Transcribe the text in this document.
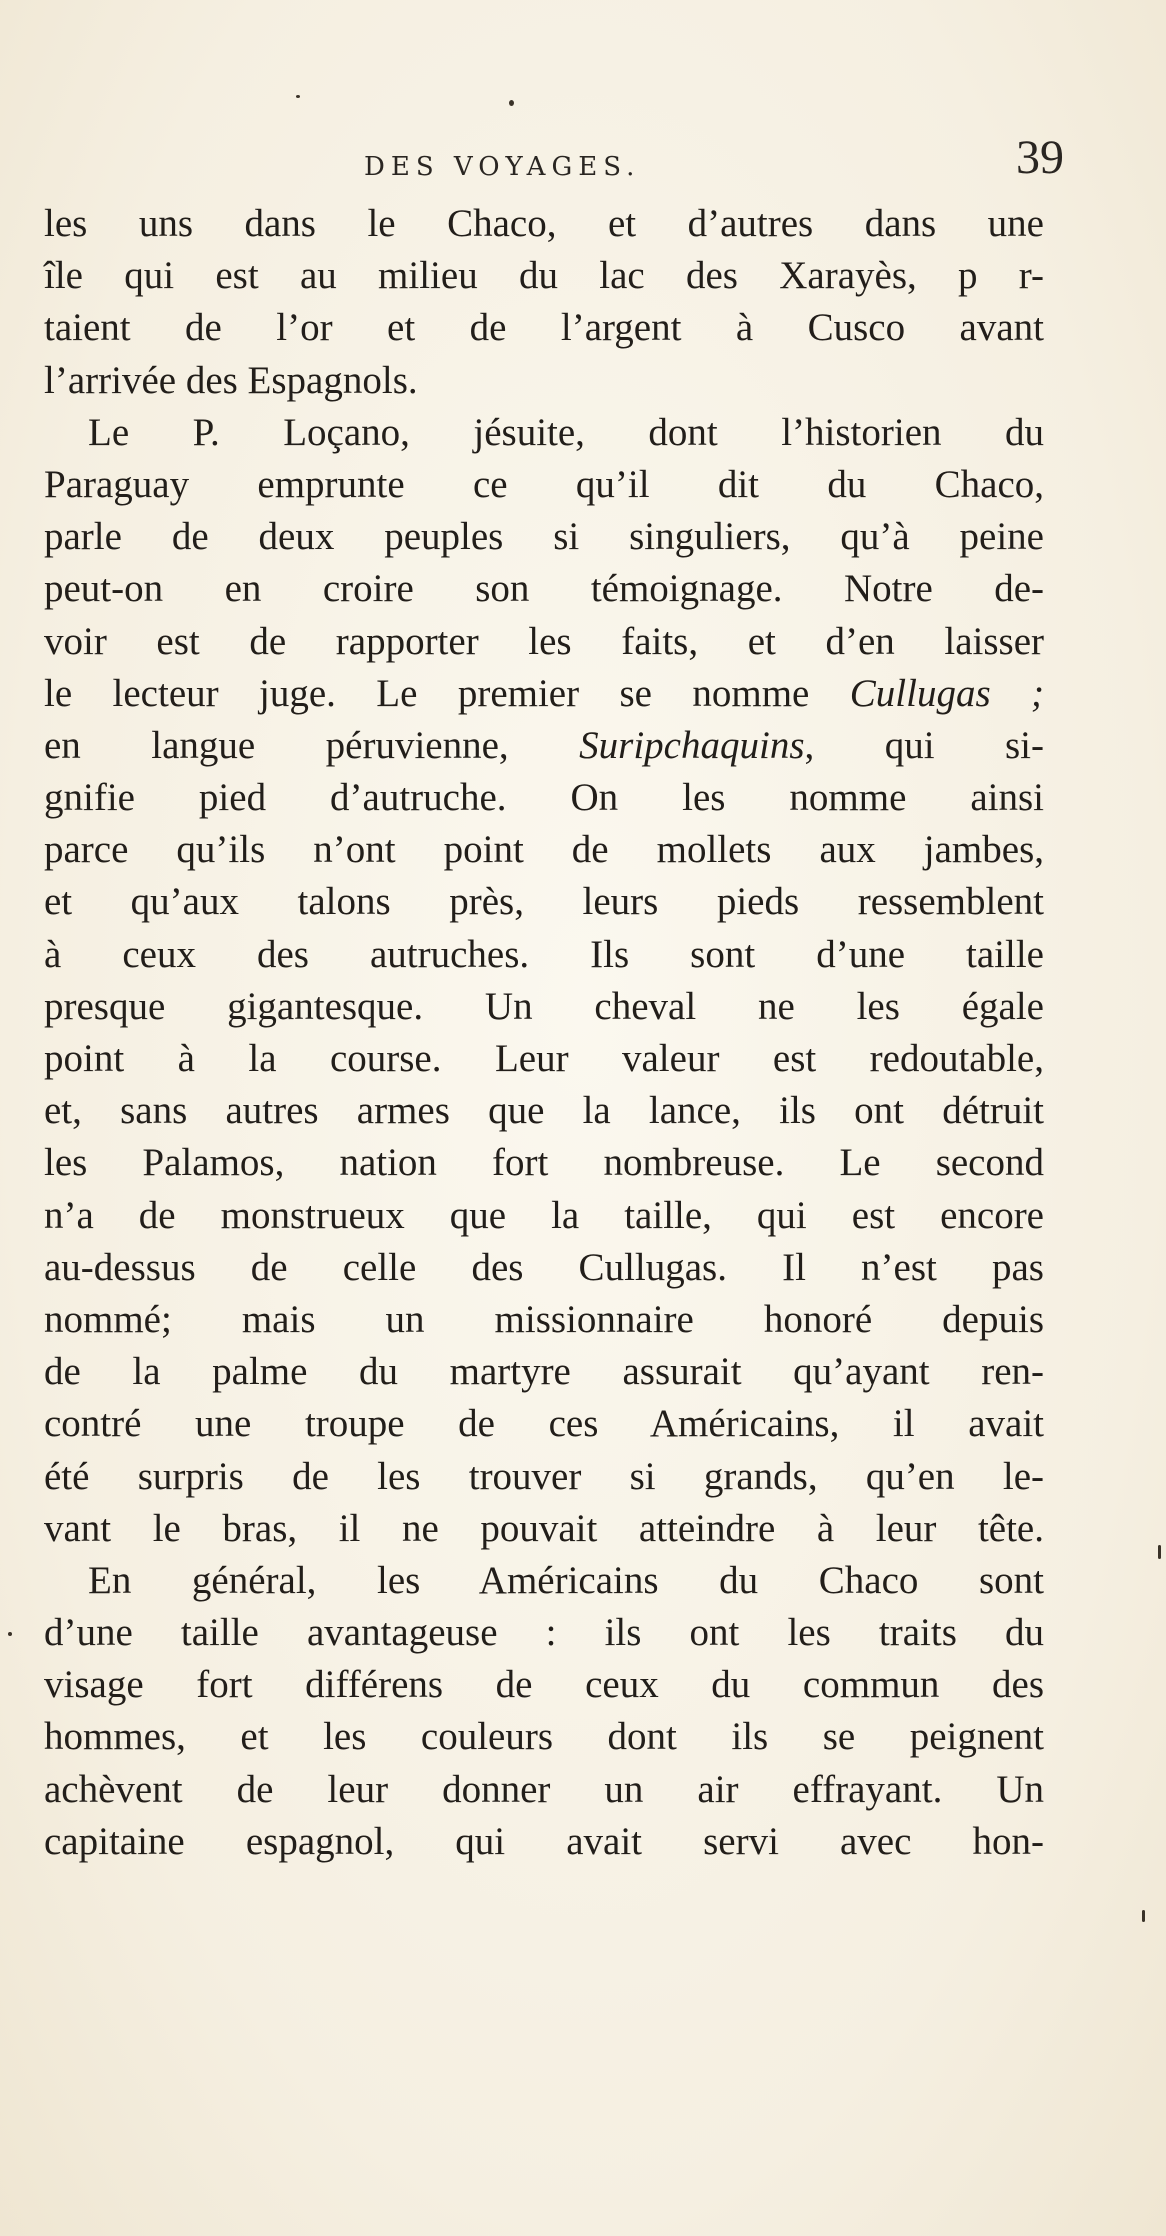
DES VOYAGES.	39
les uns dans le Chaco, et d’autres dans une
île qui est au milieu du lac des Xarayès, p r-
taient de l’or et de l’argent à Cusco avant
l’arrivée des Espagnols.
Le P. Loçano, jésuite, dont l’historien du
Paraguay emprunte ce qu’il dit du Chaco,
parle de deux peuples si singuliers, qu’à peine
peut-on en croire son témoignage. Notre de-
voir est de rapporter les faits, et d’en laisser
le lecteur juge. Le premier se nomme Cullugas ;
en langue péruvienne, Suripchaquins, qui si-
gnifie pied d’autruche. On les nomme ainsi
parce qu’ils n’ont point de mollets aux jambes,
et qu’aux talons près, leurs pieds ressemblent
à ceux des autruches. Ils sont d’une taille
presque gigantesque. Un cheval ne les égale
point à la course. Leur valeur est redoutable,
et, sans autres armes que la lance, ils ont détruit
les Palamos, nation fort nombreuse. Le second
n’a de monstrueux que la taille, qui est encore
au-dessus de celle des Cullugas. Il n’est pas
nommé; mais un missionnaire honoré depuis
de la palme du martyre assurait qu’ayant ren-
contré une troupe de ces Américains, il avait
été surpris de les trouver si grands, qu’en le-
vant le bras, il ne pouvait atteindre à leur tête.
En général, les Américains du Chaco sont
d’une taille avantageuse : ils ont les traits du
visage fort différens de ceux du commun des
hommes, et les couleurs dont ils se peignent
achèvent de leur donner un air effrayant. Un
capitaine espagnol, qui avait servi avec hon-
